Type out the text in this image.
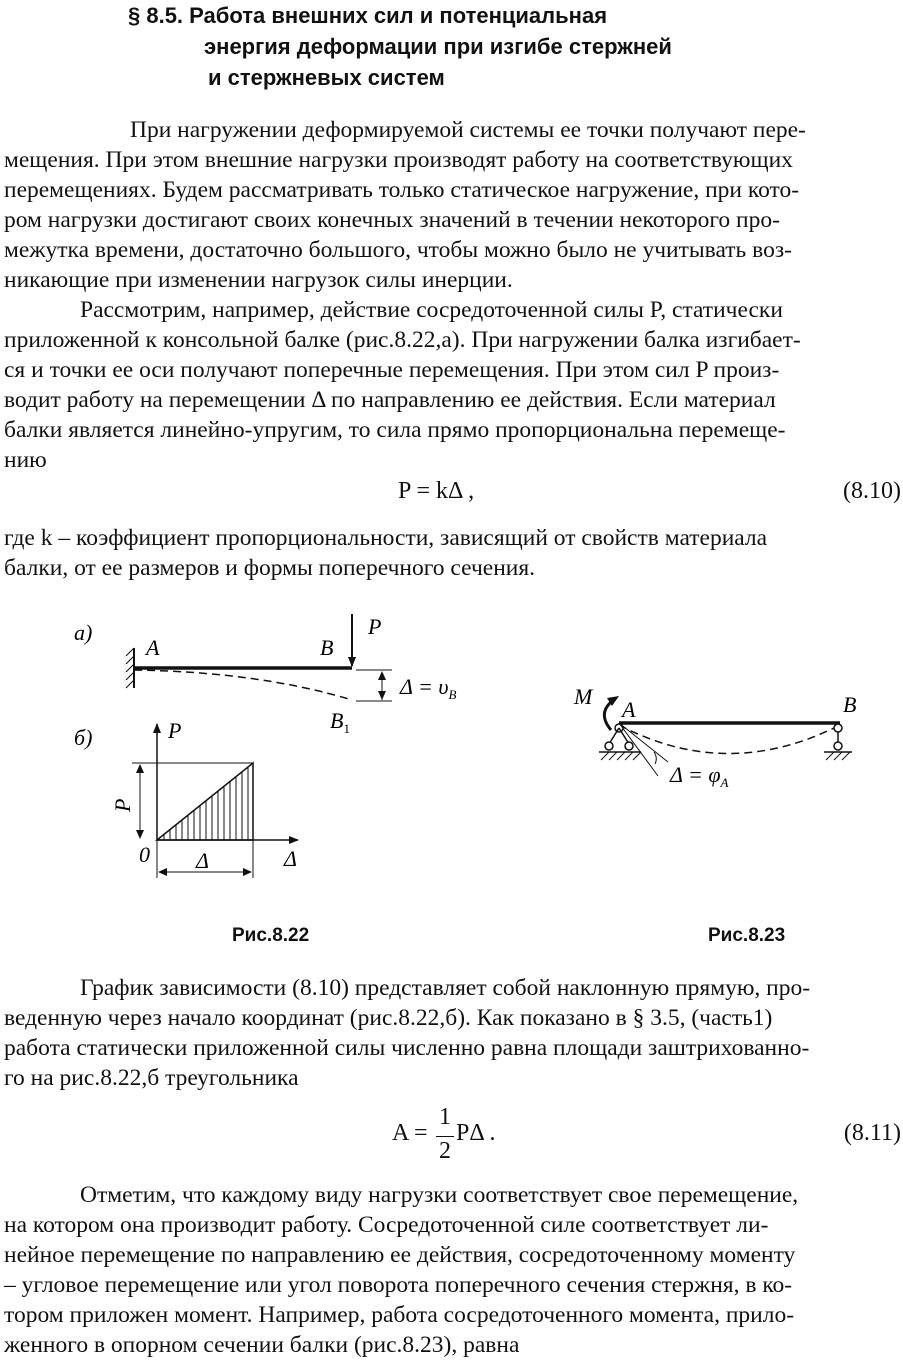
§ 8.5. Работа внешних сил и потенциальная
энергия деформации при изгибе стержней
и стержневых систем
При нагружении деформируемой системы ее точки получают пере-
мещения. При этом внешние нагрузки производят работу на соответствующих
перемещениях. Будем рассматривать только статическое нагружение, при кото-
ром нагрузки достигают своих конечных значений в течении некоторого про-
межутка времени, достаточно большого, чтобы можно было не учитывать воз-
никающие при изменении нагрузок силы инерции.
Рассмотрим, например, действие сосредоточенной силы P, статически
приложенной к консольной балке (рис.8.22,а). При нагружении балка изгибает-
ся и точки ее оси получают поперечные перемещения. При этом сил P произ-
водит работу на перемещении Δ по направлению ее действия. Если материал
балки является линейно-упругим, то сила прямо пропорциональна перемеще-
нию
P = kΔ ,	(8.10)
где k – коэффициент пропорциональности, зависящий от свойств материала
балки, от ее размеров и формы поперечного сечения.
а)	P
A	B
$\Delta = \upsilon_B$
$B_1$
б)	P
Δ
0
P
Δ
M
A	B
$\Delta = \varphi_A$
Рис.8.22	Рис.8.23
График зависимости (8.10) представляет собой наклонную прямую, про-
веденную через начало координат (рис.8.22,б). Как показано в § 3.5, (часть1)
работа статически приложенной силы численно равна площади заштрихованно-
го на рис.8.22,б треугольника
A =
1
2
PΔ .	(8.11)
Отметим, что каждому виду нагрузки соответствует свое перемещение,
на котором она производит работу. Сосредоточенной силе соответствует ли-
нейное перемещение по направлению ее действия, сосредоточенному моменту
– угловое перемещение или угол поворота поперечного сечения стержня, в ко-
тором приложен момент. Например, работа сосредоточенного момента, прило-
женного в опорном сечении балки (рис.8.23), равна
